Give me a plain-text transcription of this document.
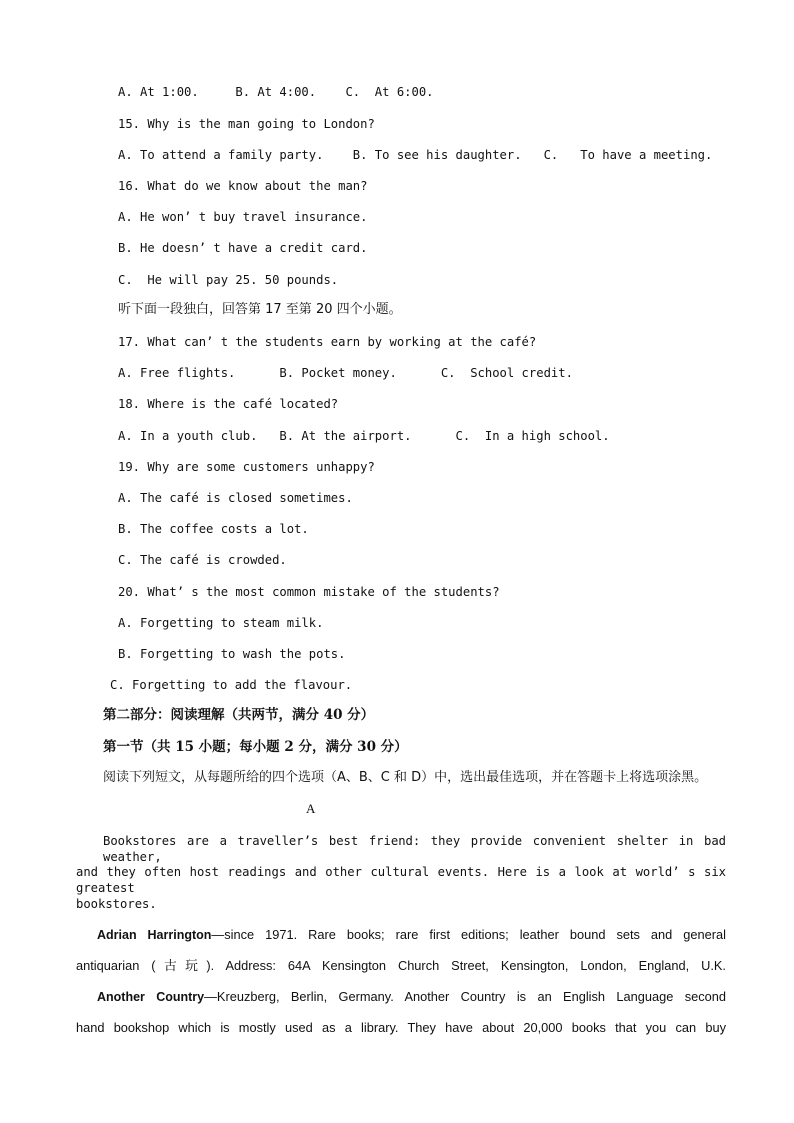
A. At 1:00.     B. At 4:00.    C.  At 6:00.
15. Why is the man going to London?
A. To attend a family party.    B. To see his daughter.   C.   To have a meeting.
16. What do we know about the man?
A. He won’ t buy travel insurance.
B. He doesn’ t have a credit card.
C.  He will pay 25. 50 pounds.
听下面一段独白，回答第 17 至第 20 四个小题。
17. What can’ t the students earn by working at the café?
A. Free flights.      B. Pocket money.      C.  School credit.
18. Where is the café located?
A. In a youth club.   B. At the airport.      C.  In a high school.
19. Why are some customers unhappy?
A. The café is closed sometimes.
B. The coffee costs a lot.
C. The café is crowded.
20. What’ s the most common mistake of the students?
A. Forgetting to steam milk.
B. Forgetting to wash the pots.
C. Forgetting to add the flavour.
第二部分：阅读理解（共两节，满分 40 分）
第一节（共 15 小题；每小题 2 分，满分 30 分）
阅读下列短文，从每题所给的四个选项（A、B、C 和 D）中，选出最佳选项，并在答题卡上将选项涂黑。
A
Bookstores are a traveller’s best friend: they provide convenient shelter in bad weather,
and they often host readings and other cultural events. Here is a look at world’ s six greatest
bookstores.
Adrian Harrington—since 1971. Rare books; rare first editions; leather bound sets and general
antiquarian (古玩). Address: 64A Kensington Church Street, Kensington, London, England, U.K.
Another Country—Kreuzberg, Berlin, Germany. Another Country is an English Language second
hand bookshop which is mostly used as a library. They have about 20,000 books that you can buy
